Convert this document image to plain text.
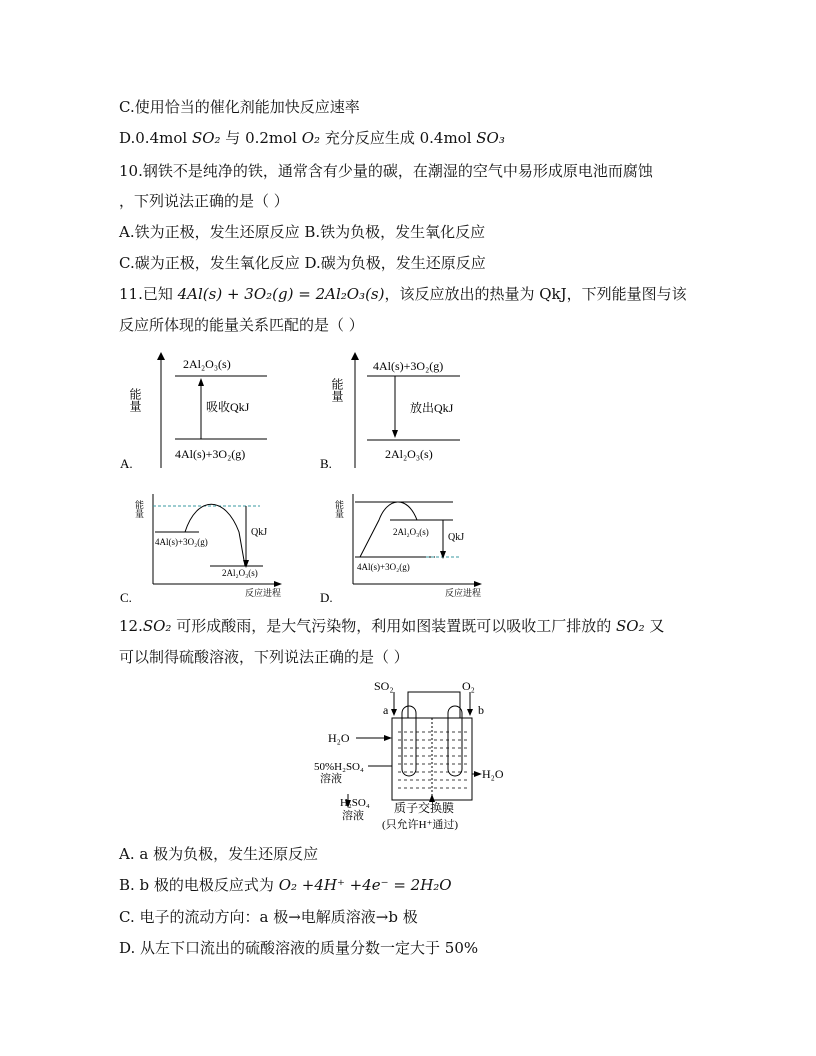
C.使用恰当的催化剂能加快反应速率
D.0.4mol SO₂ 与 0.2mol O₂ 充分反应生成 0.4mol SO₃
10.钢铁不是纯净的铁，通常含有少量的碳，在潮湿的空气中易形成原电池而腐蚀
，下列说法正确的是（ ）
A.铁为正极，发生还原反应 B.铁为负极，发生氧化反应
C.碳为正极，发生氧化反应 D.碳为负极，发生还原反应
11.已知 4Al(s) + 3O₂(g) = 2Al₂O₃(s)，该反应放出的热量为 QkJ，下列能量图与该
反应所体现的能量关系匹配的是（ ）
能量
2Al₂O₃(s)
4Al(s)+3O₂(g)
吸收QkJ
A.
能量
4Al(s)+3O₂(g)
2Al₂O₃(s)
放出QkJ
B.
能量
QkJ
4Al(s)+3O₂(g)
2Al₂O₃(s)
反应进程
C.
能量
QkJ
2Al₂O₃(s)
4Al(s)+3O₂(g)
反应进程
D.
12.SO₂ 可形成酸雨，是大气污染物，利用如图装置既可以吸收工厂排放的 SO₂ 又
可以制得硫酸溶液，下列说法正确的是（ ）
SO₂	O₂
a	b
H₂O
50%H₂SO₄
溶液	H₂O
H₂SO₄
溶液
质子交换膜
(只允许H⁺通过)
A. a 极为负极，发生还原反应
B. b 极的电极反应式为 O₂ +4H⁺ +4e⁻ = 2H₂O
C. 电子的流动方向：a 极→电解质溶液→b 极
D. 从左下口流出的硫酸溶液的质量分数一定大于 50%
